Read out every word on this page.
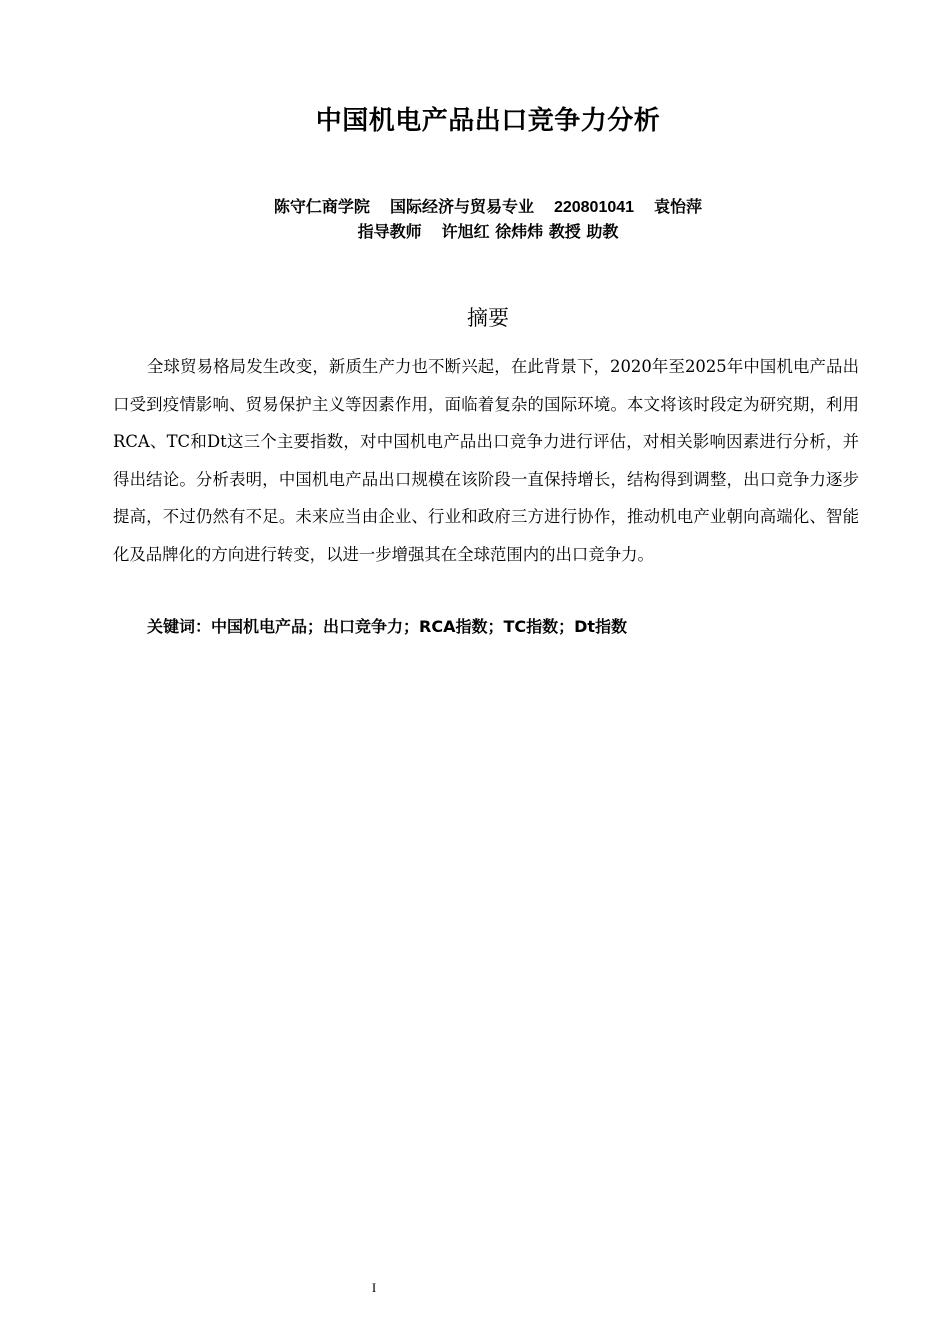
中国机电产品出口竞争力分析
陈守仁商学院 国际经济与贸易专业 220801041 袁怡萍
指导教师 许旭红 徐炜炜 教授 助教
摘要

全球贸易格局发生改变，新质生产力也不断兴起，在此背景下，2020年至2025年中国机电产品出口受到疫情影响、贸易保护主义等因素作用，面临着复杂的国际环境。本文将该时段定为研究期，利用RCA、TC和Dt这三个主要指数，对中国机电产品出口竞争力进行评估，对相关影响因素进行分析，并得出结论。分析表明，中国机电产品出口规模在该阶段一直保持增长，结构得到调整，出口竞争力逐步提高，不过仍然有不足。未来应当由企业、行业和政府三方进行协作，推动机电产业朝向高端化、智能化及品牌化的方向进行转变，以进一步增强其在全球范围内的出口竞争力。

关键词：中国机电产品；出口竞争力；RCA指数；TC指数；Dt指数
I
